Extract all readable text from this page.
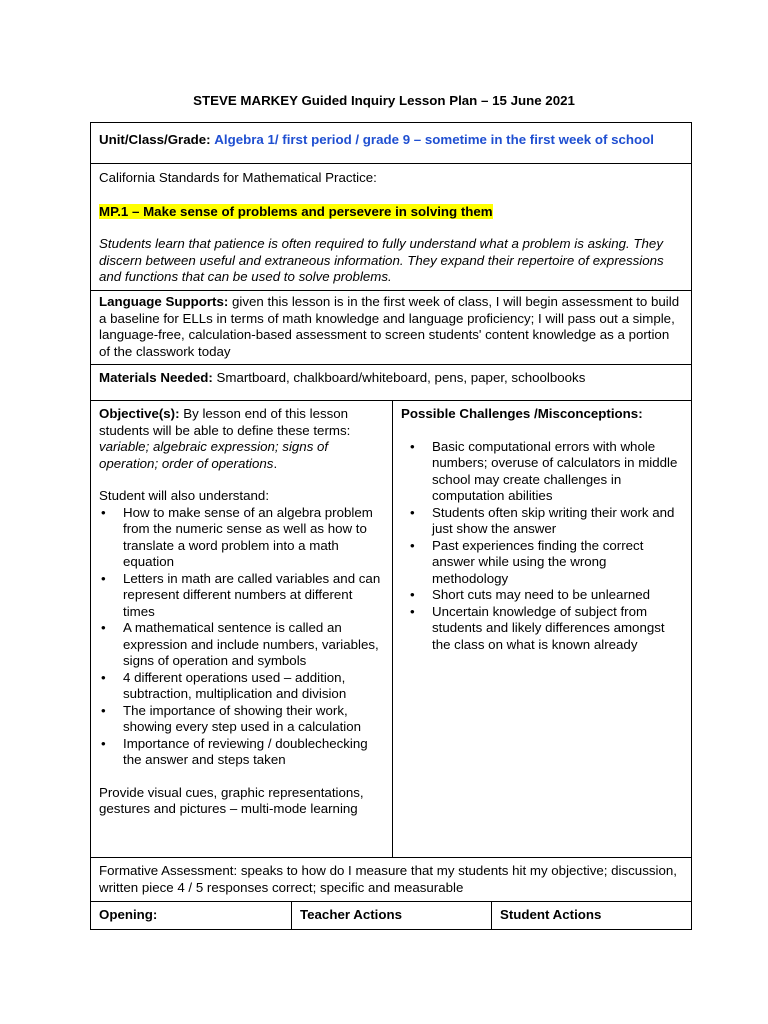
STEVE MARKEY Guided Inquiry Lesson Plan – 15 June 2021
Unit/Class/Grade: Algebra 1/ first period / grade 9 – sometime in the first week of school

California Standards for Mathematical Practice:

MP.1 – Make sense of problems and persevere in solving them

Students learn that patience is often required to fully understand what a problem is asking. They discern between useful and extraneous information. They expand their repertoire of expressions and functions that can be used to solve problems.

Language Supports: given this lesson is in the first week of class, I will begin assessment to build a baseline for ELLs in terms of math knowledge and language proficiency; I will pass out a simple, language-free, calculation-based assessment to screen students' content knowledge as a portion of the classwork today
Materials Needed: Smartboard, chalkboard/whiteboard, pens, paper, schoolbooks

Objective(s): By lesson end of this lesson students will be able to define these terms: variable; algebraic expression; signs of operation; order of operations.

Student will also understand:

• How to make sense of an algebra problem from the numeric sense as well as how to translate a word problem into a math equation
• Letters in math are called variables and can represent different numbers at different times
• A mathematical sentence is called an expression and include numbers, variables, signs of operation and symbols
• 4 different operations used – addition, subtraction, multiplication and division
• The importance of showing their work, showing every step used in a calculation
• Importance of reviewing / doublechecking the answer and steps taken

Provide visual cues, graphic representations, gestures and pictures – multi-mode learning

Possible Challenges /Misconceptions:

• Basic computational errors with whole numbers; overuse of calculators in middle school may create challenges in computation abilities
• Students often skip writing their work and just show the answer
• Past experiences finding the correct answer while using the wrong methodology
• Short cuts may need to be unlearned
• Uncertain knowledge of subject from students and likely differences amongst the class on what is known already

Formative Assessment: speaks to how do I measure that my students hit my objective; discussion, written piece 4 / 5 responses correct; specific and measurable

Opening:	Teacher Actions	Student Actions
